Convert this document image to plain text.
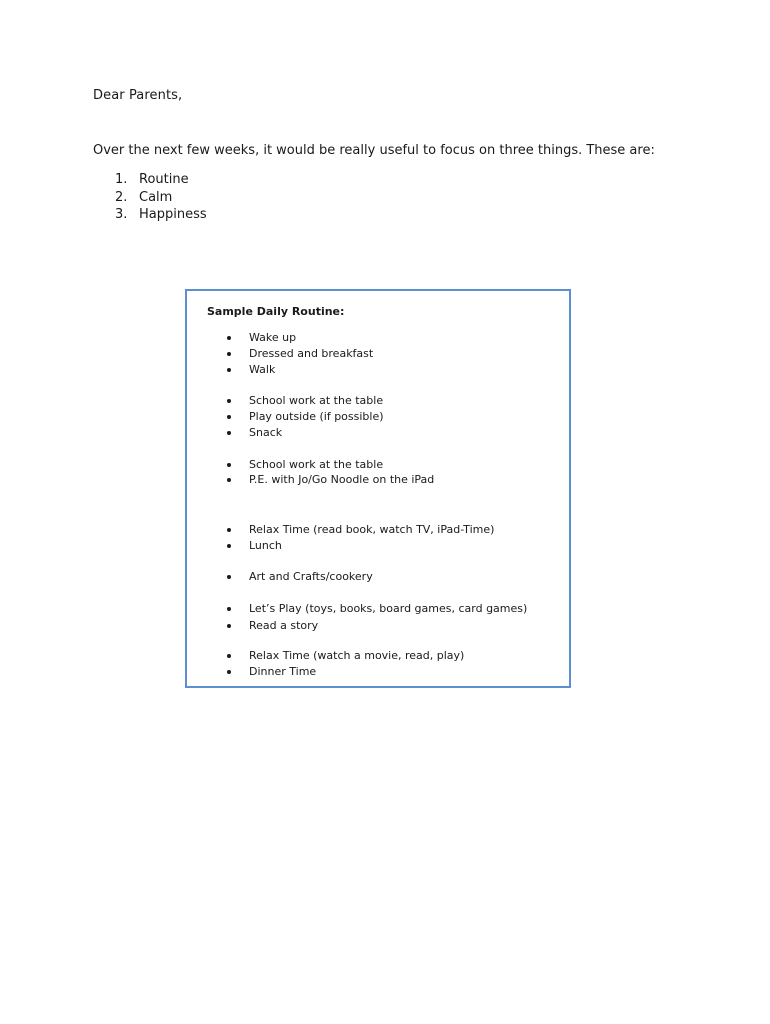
Dear Parents,
Over the next few weeks, it would be really useful to focus on three things. These are:
1. Routine
2. Calm
3. Happiness
Sample Daily Routine:
Wake up
Dressed and breakfast
Walk
School work at the table
Play outside (if possible)
Snack
School work at the table
P.E. with Jo/Go Noodle on the iPad
Relax Time (read book, watch TV, iPad-Time)
Lunch
Art and Crafts/cookery
Let’s Play (toys, books, board games, card games)
Read a story
Relax Time (watch a movie, read, play)
Dinner Time
